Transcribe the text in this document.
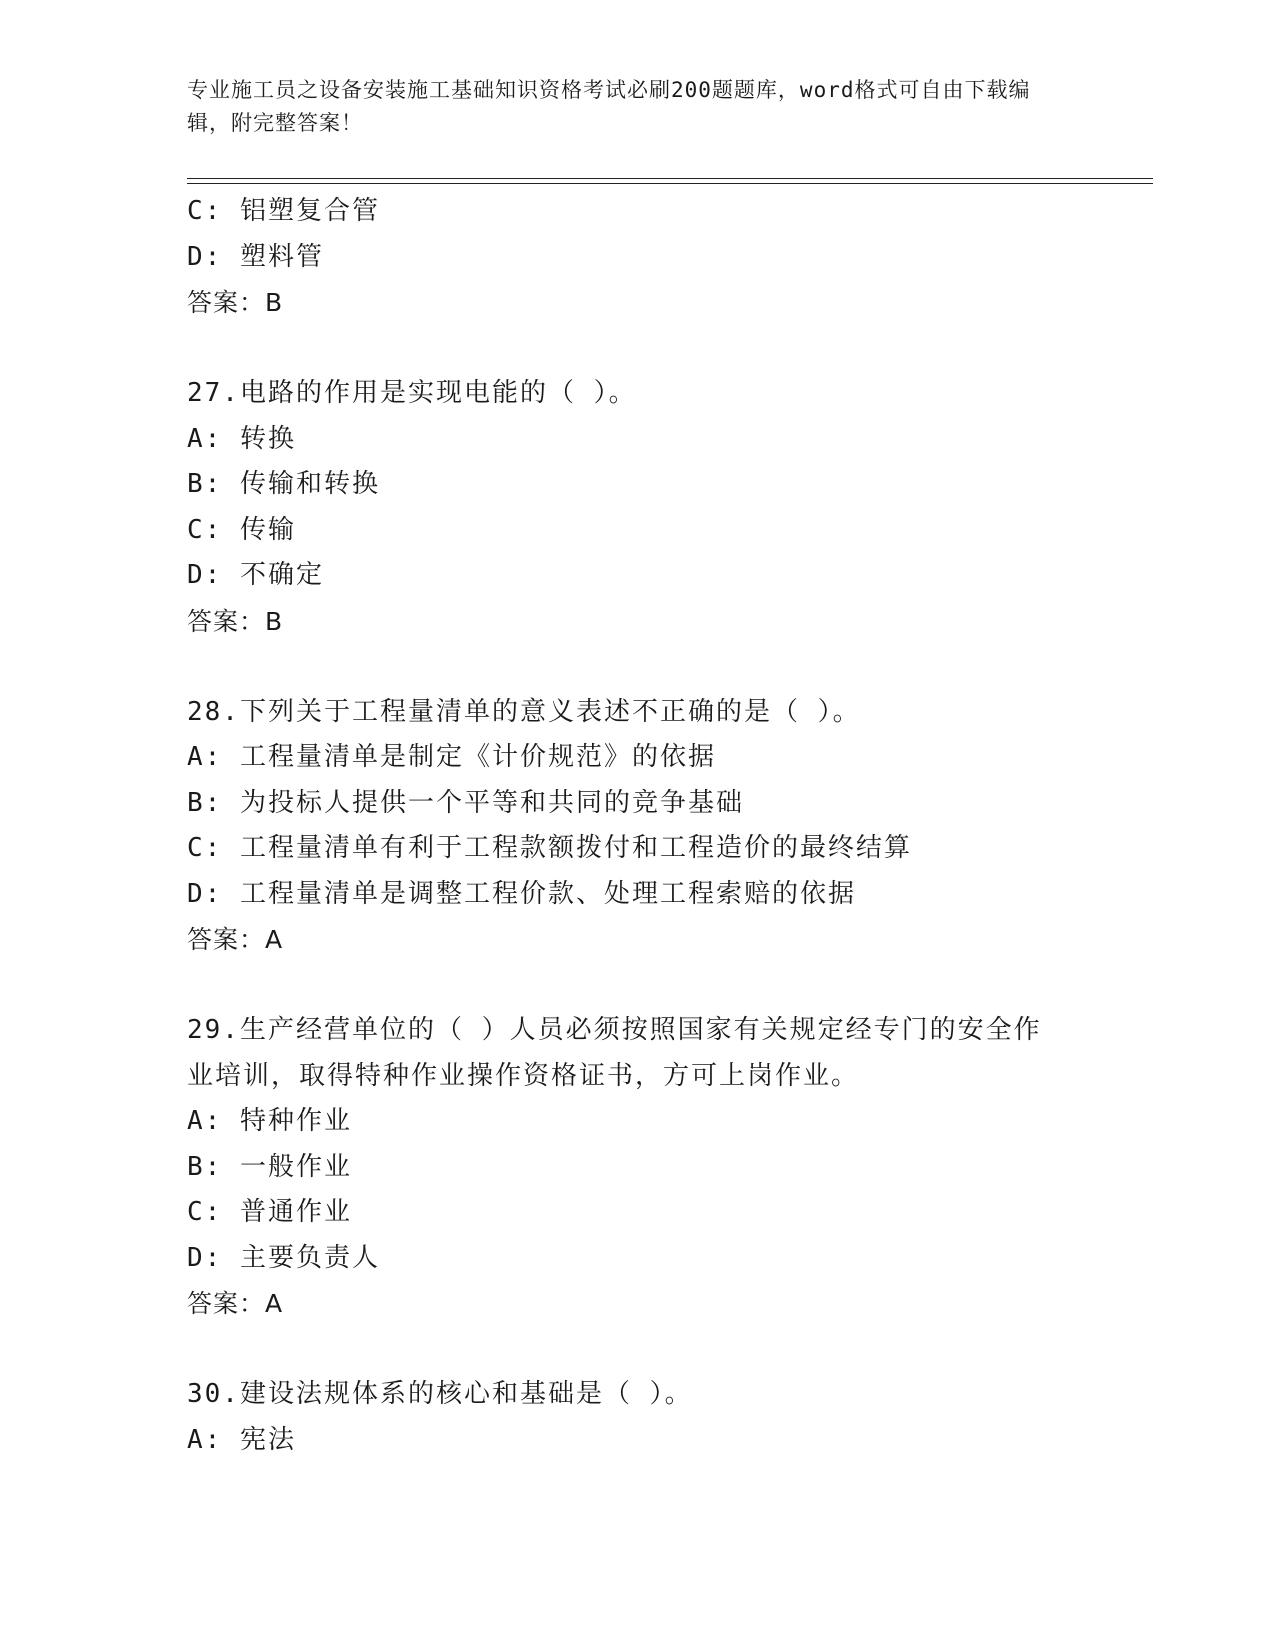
专业施工员之设备安装施工基础知识资格考试必刷200题题库，word格式可自由下载编辑，附完整答案！
C: 铝塑复合管
D: 塑料管
答案：B
27.电路的作用是实现电能的（ ）。
A: 转换
B: 传输和转换
C: 传输
D: 不确定
答案：B
28.下列关于工程量清单的意义表述不正确的是（ ）。
A: 工程量清单是制定《计价规范》的依据
B: 为投标人提供一个平等和共同的竞争基础
C: 工程量清单有利于工程款额拨付和工程造价的最终结算
D: 工程量清单是调整工程价款、处理工程索赔的依据
答案：A
29.生产经营单位的（ ）人员必须按照国家有关规定经专门的安全作业培训，取得特种作业操作资格证书，方可上岗作业。
A: 特种作业
B: 一般作业
C: 普通作业
D: 主要负责人
答案：A
30.建设法规体系的核心和基础是（ ）。
A: 宪法
